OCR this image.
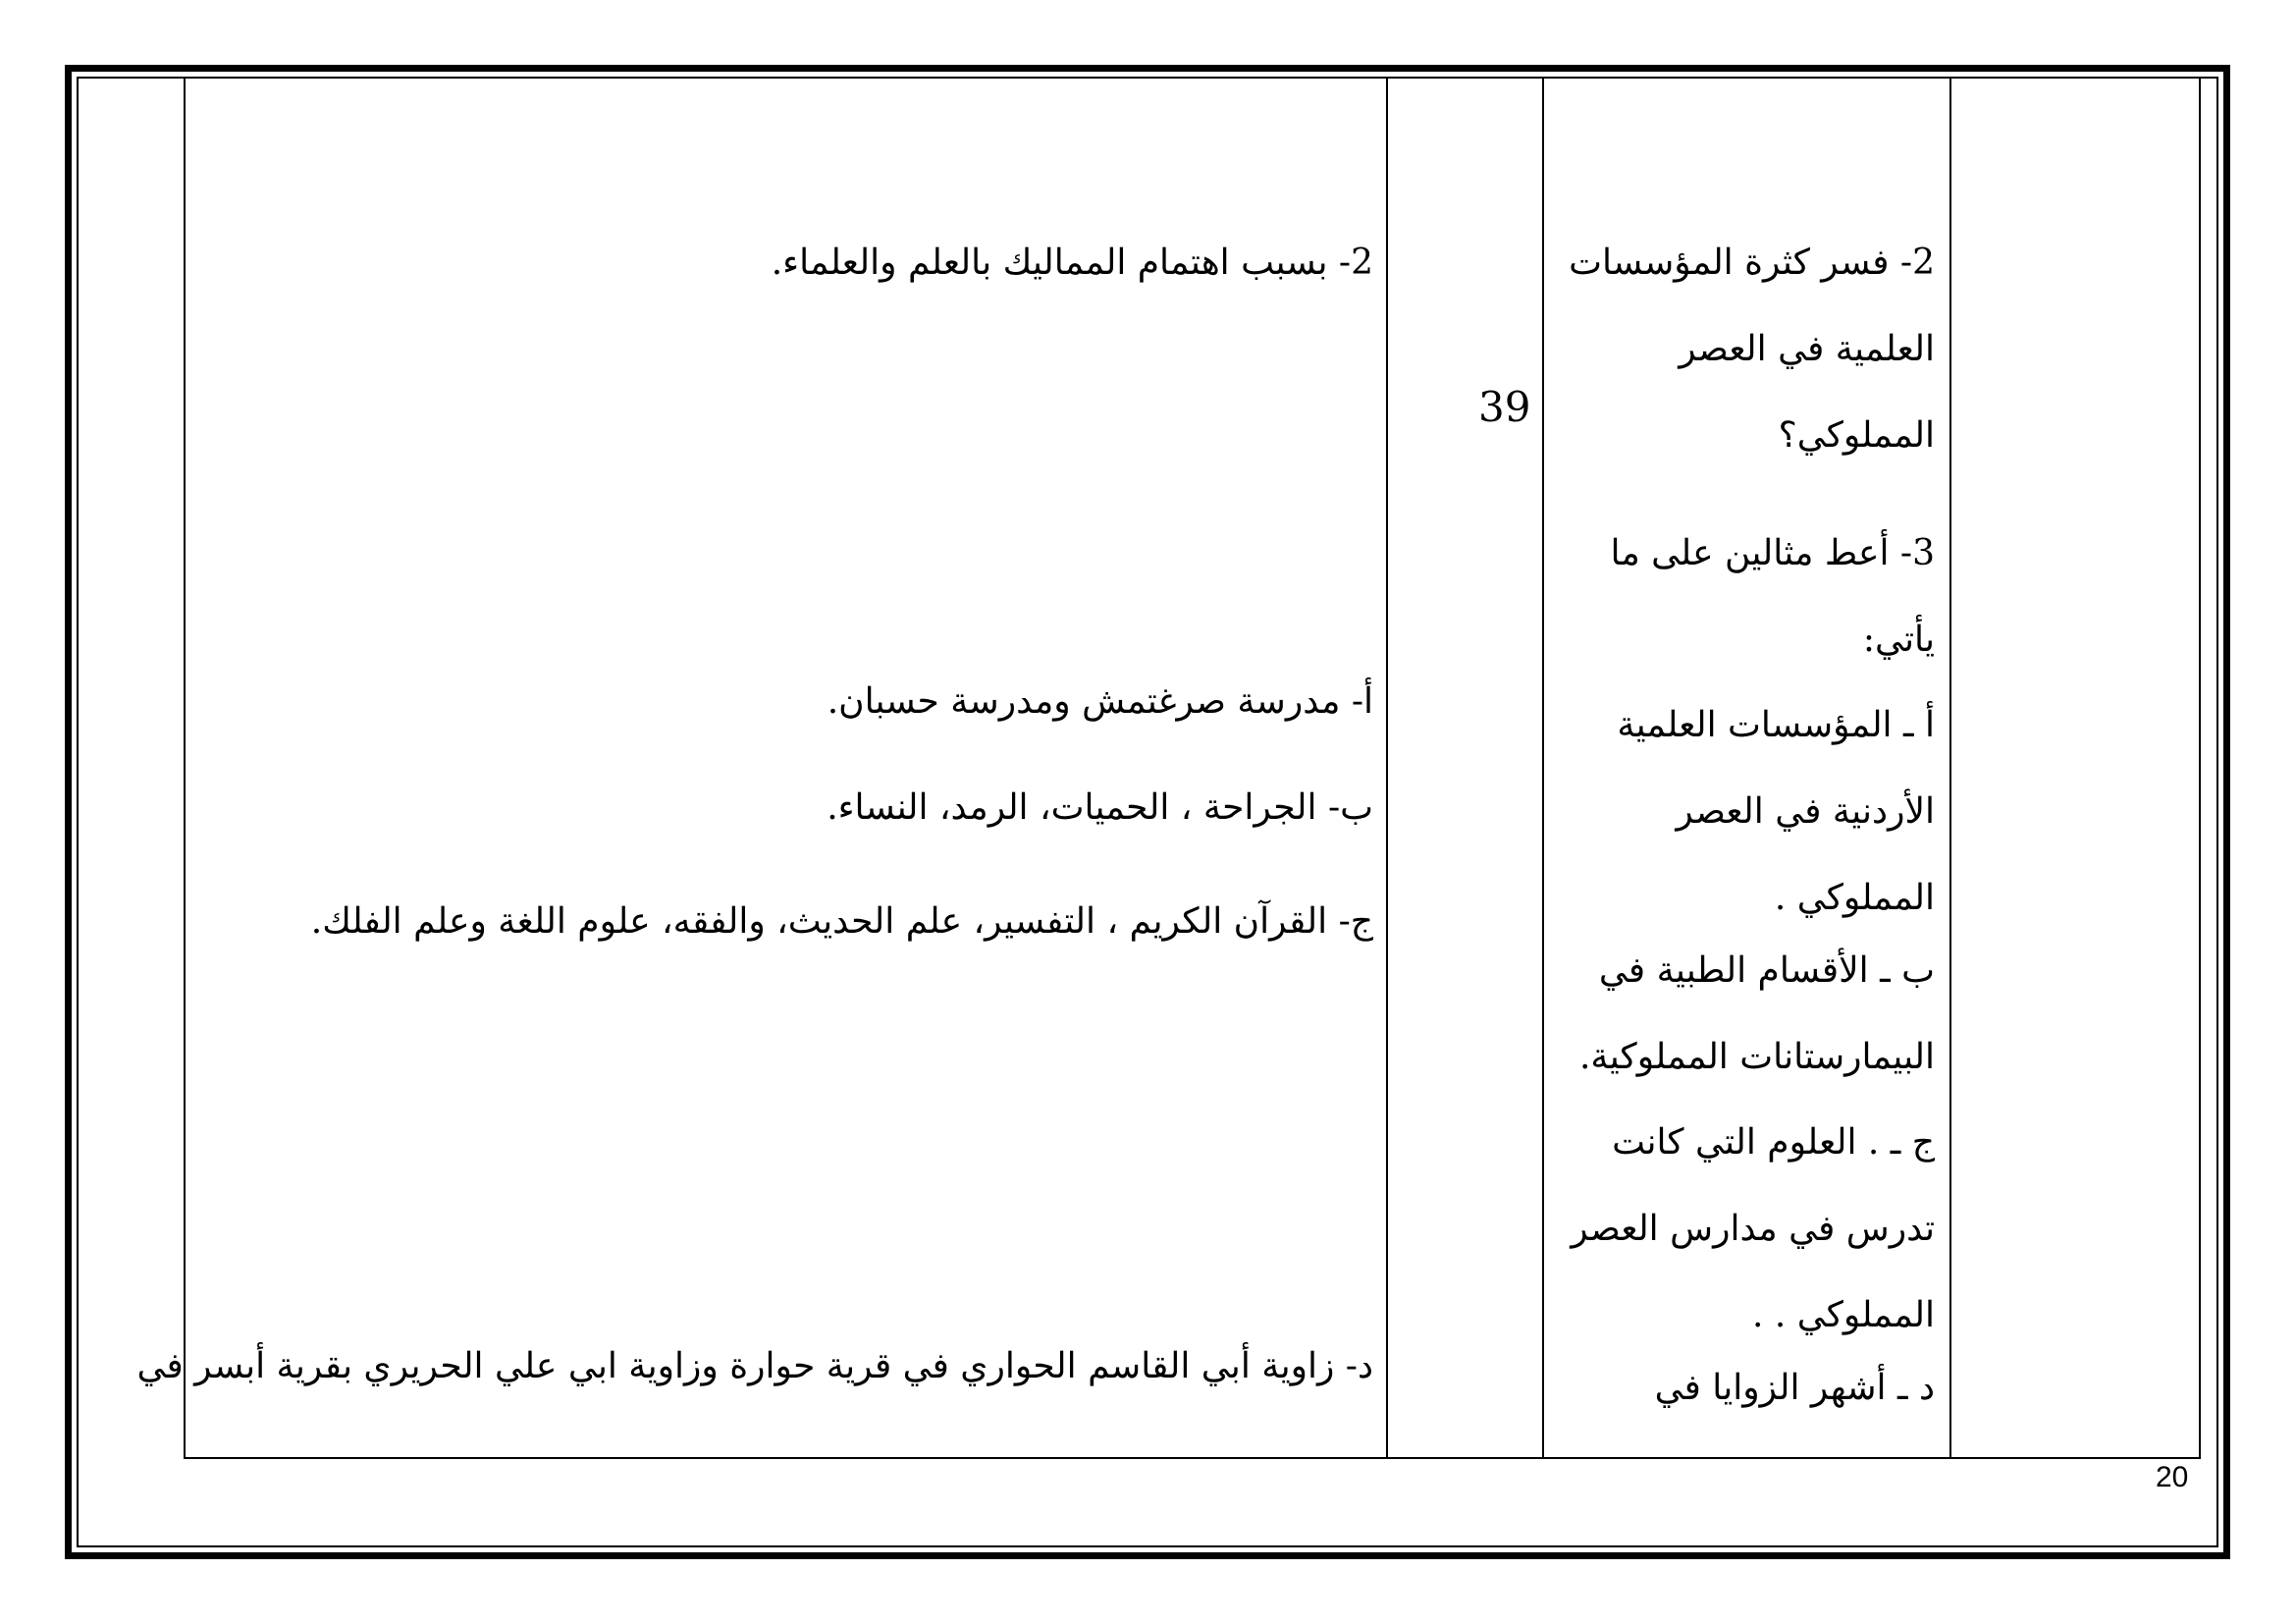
2- فسر كثرة المؤسسات
العلمية في العصر
المملوكي؟
3- أعط مثالين على ما
يأتي:
أ ـ المؤسسات العلمية
الأردنية في العصر
المملوكي .
ب ـ الأقسام الطبية في
البيمارستانات المملوكية.
ج ـ . العلوم التي كانت
تدرس في مدارس العصر
المملوكي . .
د ـ أشهر الزوايا في
39
2- بسبب اهتمام المماليك بالعلم والعلماء.
أ- مدرسة صرغتمش ومدرسة حسبان.
ب- الجراحة ، الحميات، الرمد، النساء.
ج- القرآن الكريم ، التفسير، علم الحديث، والفقه، علوم اللغة وعلم الفلك.
د- زاوية أبي القاسم الحواري في قرية حوارة وزاوية ابي علي الحريري بقرية أبسر في
20
